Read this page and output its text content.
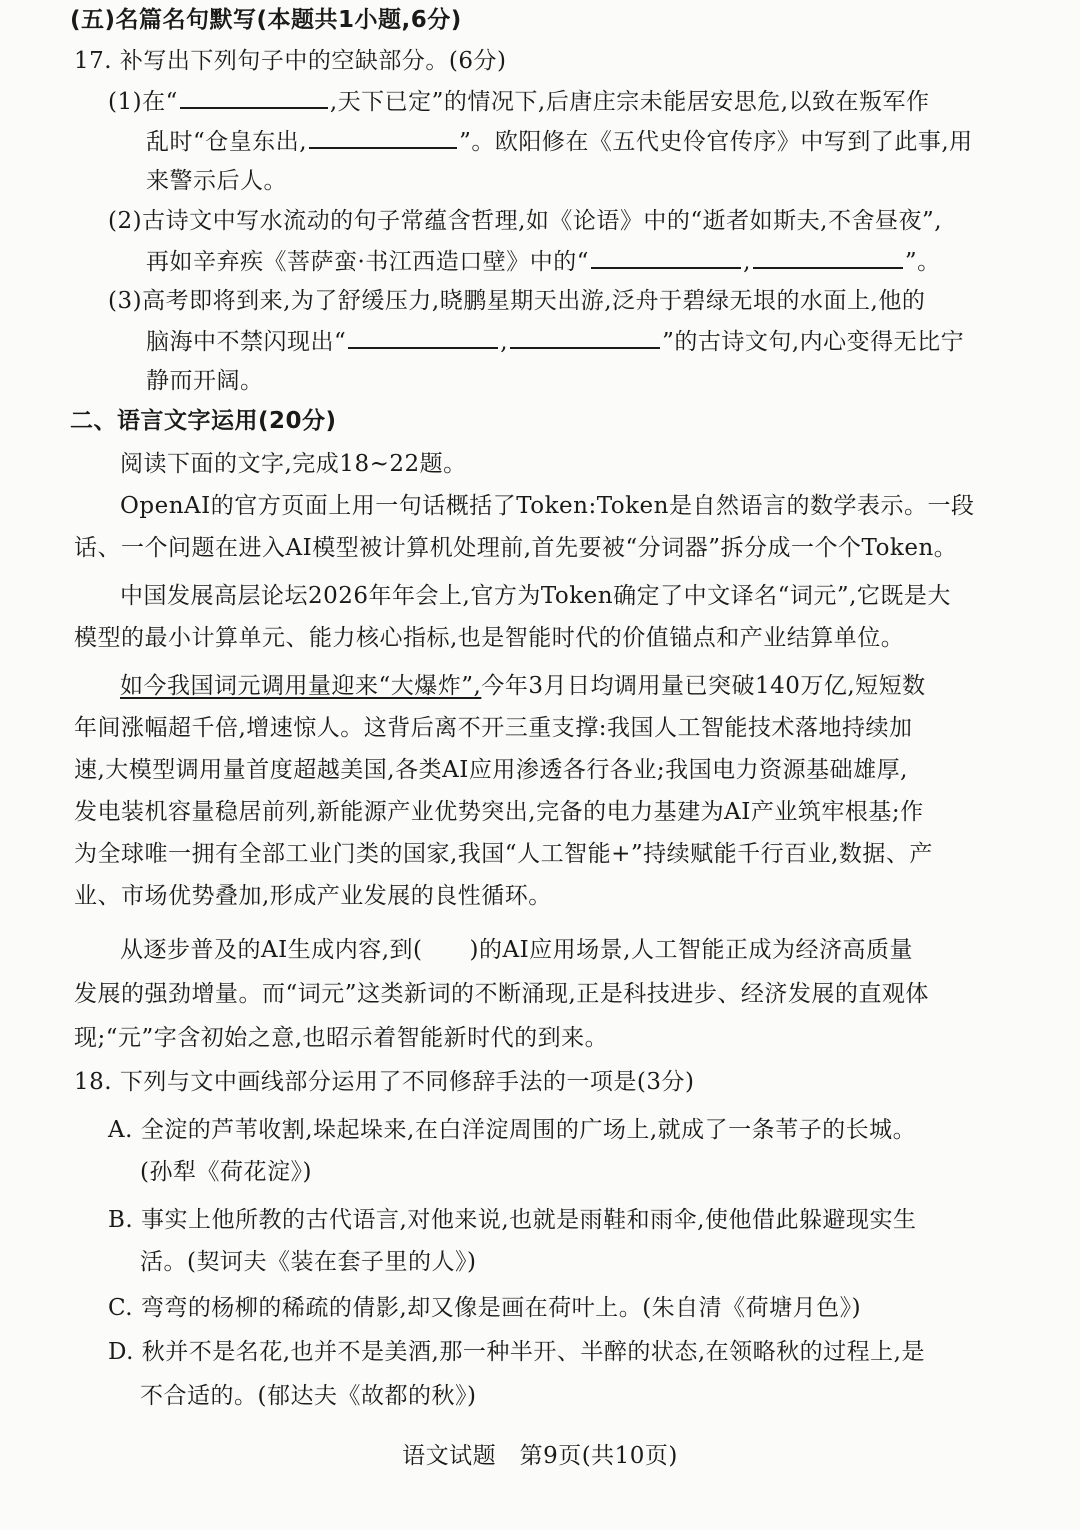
(五)名篇名句默写(本题共1小题,6分)
17. 补写出下列句子中的空缺部分。(6分)
(1)在“	,天下已定”的情况下,后唐庄宗未能居安思危,以致在叛军作
乱时“仓皇东出,	”。欧阳修在《五代史伶官传序》中写到了此事,用
来警示后人。
(2)古诗文中写水流动的句子常蕴含哲理,如《论语》中的“逝者如斯夫,不舍昼夜”,
再如辛弃疾《菩萨蛮·书江西造口壁》中的“	,	”。
(3)高考即将到来,为了舒缓压力,晓鹏星期天出游,泛舟于碧绿无垠的水面上,他的
脑海中不禁闪现出“	,	”的古诗文句,内心变得无比宁
静而开阔。
二、语言文字运用(20分)
阅读下面的文字,完成18~22题。
OpenAI的官方页面上用一句话概括了Token:Token是自然语言的数学表示。一段
话、一个问题在进入AI模型被计算机处理前,首先要被“分词器”拆分成一个个Token。
中国发展高层论坛2026年年会上,官方为Token确定了中文译名“词元”,它既是大
模型的最小计算单元、能力核心指标,也是智能时代的价值锚点和产业结算单位。
如今我国词元调用量迎来“大爆炸”,今年3月日均调用量已突破140万亿,短短数
年间涨幅超千倍,增速惊人。这背后离不开三重支撑:我国人工智能技术落地持续加
速,大模型调用量首度超越美国,各类AI应用渗透各行各业;我国电力资源基础雄厚,
发电装机容量稳居前列,新能源产业优势突出,完备的电力基建为AI产业筑牢根基;作
为全球唯一拥有全部工业门类的国家,我国“人工智能+”持续赋能千行百业,数据、产
业、市场优势叠加,形成产业发展的良性循环。
从逐步普及的AI生成内容,到(　　)的AI应用场景,人工智能正成为经济高质量
发展的强劲增量。而“词元”这类新词的不断涌现,正是科技进步、经济发展的直观体
现;“元”字含初始之意,也昭示着智能新时代的到来。
18. 下列与文中画线部分运用了不同修辞手法的一项是(3分)
A. 全淀的芦苇收割,垛起垛来,在白洋淀周围的广场上,就成了一条苇子的长城。
(孙犁《荷花淀》)
B. 事实上他所教的古代语言,对他来说,也就是雨鞋和雨伞,使他借此躲避现实生
活。(契诃夫《装在套子里的人》)
C. 弯弯的杨柳的稀疏的倩影,却又像是画在荷叶上。(朱自清《荷塘月色》)
D. 秋并不是名花,也并不是美酒,那一种半开、半醉的状态,在领略秋的过程上,是
不合适的。(郁达夫《故都的秋》)
语文试题　第9页(共10页)
